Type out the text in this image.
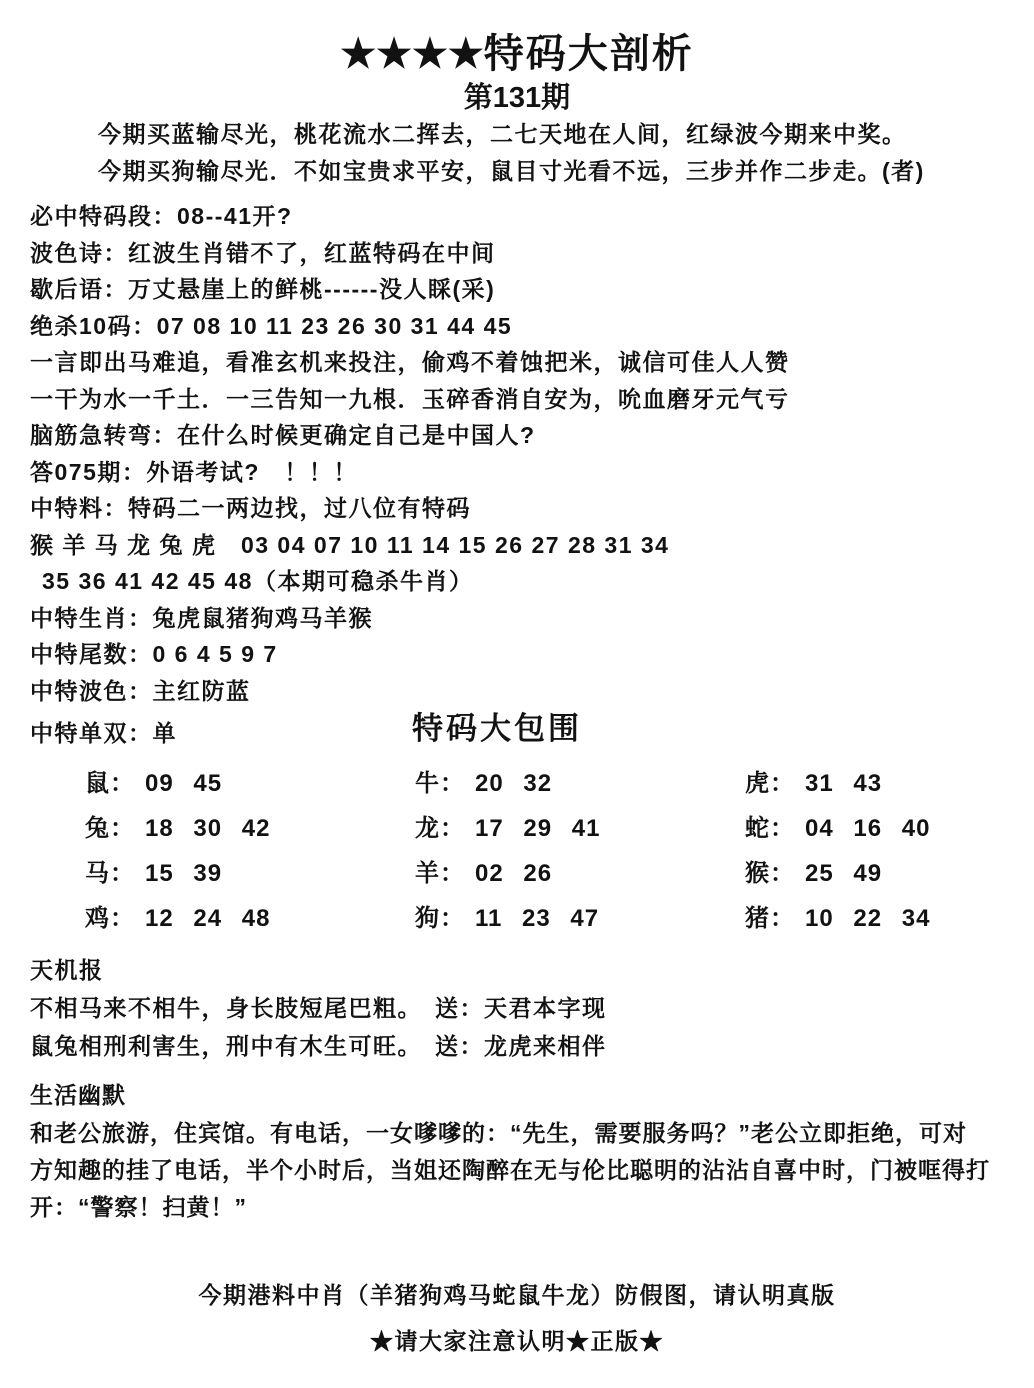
★★★★特码大剖析
第131期

今期买蓝输尽光，桃花流水二挥去，二七天地在人间，红绿波今期来中奖。

今期买狗输尽光．不如宝贵求平安，鼠目寸光看不远，三步并作二步走。(者)

必中特码段：08--41开?

波色诗：红波生肖错不了，红蓝特码在中间

歇后语：万丈悬崖上的鲜桃------没人睬(采)

绝杀10码：07 08 10 11 23 26 30 31 44 45

一言即出马难追，看准玄机来投注，偷鸡不着蚀把米，诚信可佳人人赞

一干为水一千土．一三告知一九根．玉碎香消自安为，吮血磨牙元气亏

脑筋急转弯：在什么时候更确定自己是中国人?

答075期：外语考试?　！！！

中特料：特码二一两边找，过八位有特码

猴 羊 马 龙 兔 虎　03 04 07 10 11 14 15 26 27 28 31 34

35 36 41 42 45 48（本期可稳杀牛肖）

中特生肖：兔虎鼠猪狗鸡马羊猴

中特尾数：0 6 4 5 9 7

中特波色：主红防蓝

中特单双：单	特码大包围
鼠： 09 45	牛： 20 32	虎： 31 43
兔： 18 30 42	龙： 17 29 41	蛇： 04 16 40
马： 15 39	羊： 02 26	猴： 25 49
鸡： 12 24 48	狗： 11 23 47	猪： 10 22 34

天机报

不相马来不相牛，身长肢短尾巴粗。　送：天君本字现

鼠兔相刑利害生，刑中有木生可旺。　送：龙虎来相伴

生活幽默

和老公旅游，住宾馆。有电话，一女嗲嗲的：“先生，需要服务吗？”老公立即拒绝，可对

方知趣的挂了电话，半个小时后，当姐还陶醉在无与伦比聪明的沾沾自喜中时，门被哐得打

开：“警察！扫黄！”

今期港料中肖（羊猪狗鸡马蛇鼠牛龙）防假图，请认明真版

★请大家注意认明★正版★
